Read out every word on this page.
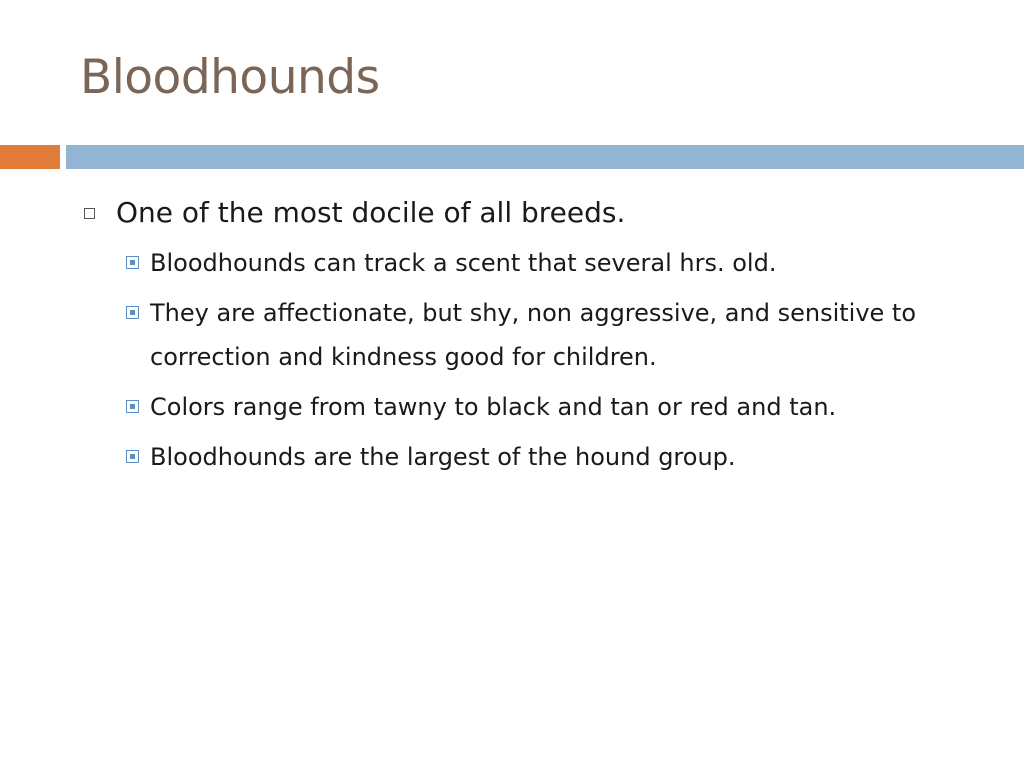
Bloodhounds
One of the most docile of all breeds.
Bloodhounds can track a scent that several hrs. old.
They are affectionate, but shy, non aggressive, and sensitive to correction and kindness good for children.
Colors range from tawny to black and tan or red and tan.
Bloodhounds are the largest of the hound group.
